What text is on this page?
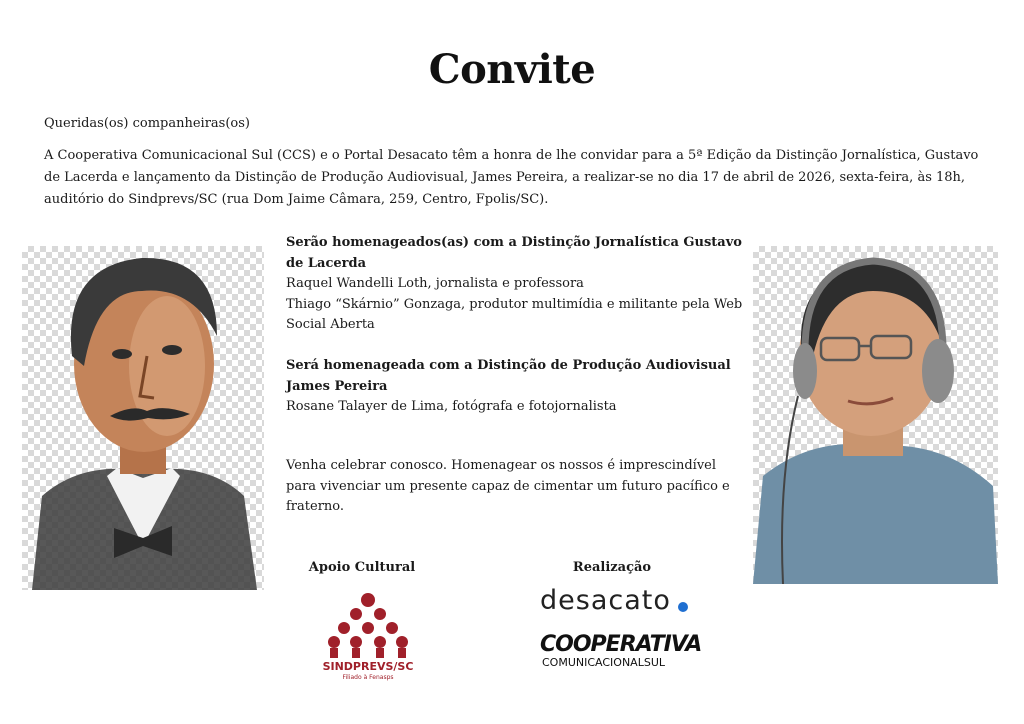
Convite
Queridas(os) companheiras(os)
A Cooperativa Comunicacional Sul (CCS) e o Portal Desacato têm a honra de lhe convidar para a 5ª Edição da Distinção Jornalística, Gustavo de Lacerda e lançamento da Distinção de Produção Audiovisual, James Pereira, a realizar-se no dia 17 de abril de 2026, sexta-feira, às 18h, auditório do Sindprevs/SC (rua Dom Jaime Câmara, 259, Centro, Fpolis/SC).
Serão homenageados(as) com a Distinção Jornalística Gustavo de Lacerda
Raquel Wandelli Loth, jornalista e professora
Thiago “Skárnio” Gonzaga, produtor multimídia e militante pela Web Social Aberta
Será homenageada com a Distinção de Produção Audiovisual James Pereira
Rosane Talayer de Lima, fotógrafa e fotojornalista
Venha celebrar conosco. Homenagear os nossos é imprescindível para vivenciar um presente capaz de cimentar um futuro pacífico e fraterno.
Apoio Cultural	Realização
SINDPREVS/SC
Filiado à Fenasps
desacato
COOPERATIVA
COMUNICACIONALSUL
